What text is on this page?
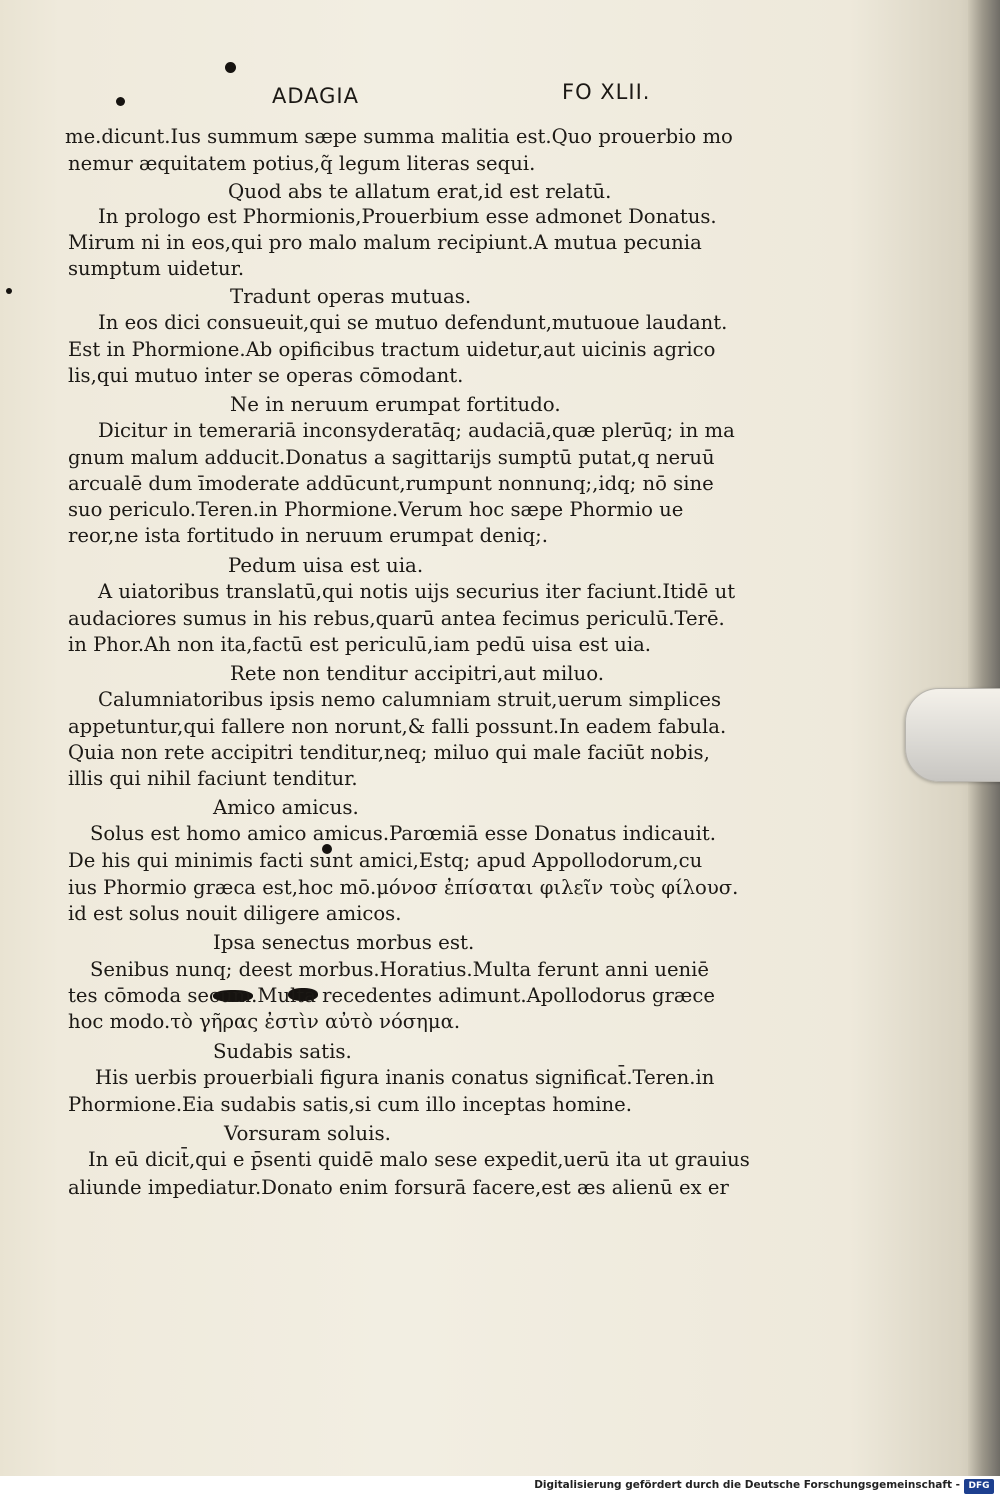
ADAGIA	FO XLII.
me.dicunt.Ius summum sæpe summa malitia est.Quo prouerbio mo
nemur æquitatem potius,q̃ legum literas sequi.
Quod abs te allatum erat,id est relatū.
In prologo est Phormionis,Prouerbium esse admonet Donatus.
Mirum ni in eos,qui pro malo malum recipiunt.A mutua pecunia
sumptum uidetur.
Tradunt operas mutuas.
In eos dici consueuit,qui se mutuo defendunt,mutuoue laudant.
Est in Phormione.Ab opificibus tractum uidetur,aut uicinis agrico
lis,qui mutuo inter se operas cōmodant.
Ne in neruum erumpat fortitudo.
Dicitur in temerariā inconsyderatāq; audaciā,quæ plerūq; in ma
gnum malum adducit.Donatus a sagittarijs sumptū putat,q neruū
arcualē dum īmoderate addūcunt,rumpunt nonnunq;,idq; nō sine
suo periculo.Teren.in Phormione.Verum hoc sæpe Phormio ue
reor,ne ista fortitudo in neruum erumpat deniq;.
Pedum uisa est uia.
A uiatoribus translatū,qui notis uijs securius iter faciunt.Itidē ut
audaciores sumus in his rebus,quarū antea fecimus periculū.Terē.
in Phor.Ah non ita,factū est periculū,iam pedū uisa est uia.
Rete non tenditur accipitri,aut miluo.
Calumniatoribus ipsis nemo calumniam struit,uerum simplices
appetuntur,qui fallere non norunt,& falli possunt.In eadem fabula.
Quia non rete accipitri tenditur,neq; miluo qui male faciūt nobis,
illis qui nihil faciunt tenditur.
Amico amicus.
Solus est homo amico amicus.Parœmiā esse Donatus indicauit.
De his qui minimis facti sunt amici,Estq; apud Appollodorum,cu
ius Phormio græca est,hoc mō.μόνοσ ἐπίσαται φιλεῖν τοὺς φίλουσ.
id est solus nouit diligere amicos.
Ipsa senectus morbus est.
Senibus nunq; deest morbus.Horatius.Multa ferunt anni ueniē
tes cōmoda secum.Multa recedentes adimunt.Apollodorus græce
hoc modo.τὸ γῆρας ἐστὶν αὐτὸ νόσημα.
Sudabis satis.
His uerbis prouerbiali figura inanis conatus significat̄.Teren.in
Phormione.Eia sudabis satis,si cum illo inceptas homine.
Vorsuram soluis.
In eū dicit̄,qui e p̄senti quidē malo sese expedit,uerū ita ut grauius
aliunde impediatur.Donato enim forsurā facere,est æs alienū ex er
Digitalisierung gefördert durch die Deutsche Forschungsgemeinschaft - DFG
